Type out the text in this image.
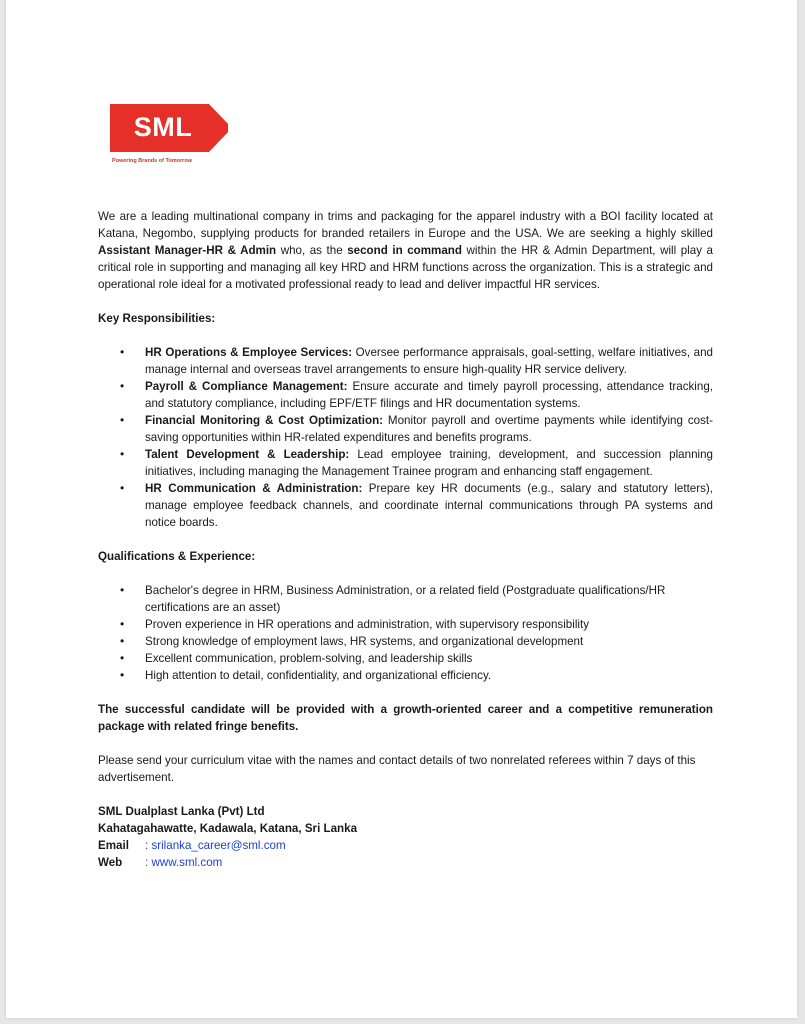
SML
Powering Brands of Tomorrow

We are a leading multinational company in trims and packaging for the apparel industry with a BOI facility located at Katana, Negombo, supplying products for branded retailers in Europe and the USA. We are seeking a highly skilled Assistant Manager-HR & Admin who, as the second in command within the HR & Admin Department, will play a critical role in supporting and managing all key HRD and HRM functions across the organization. This is a strategic and operational role ideal for a motivated professional ready to lead and deliver impactful HR services.

Key Responsibilities:

• HR Operations & Employee Services: Oversee performance appraisals, goal-setting, welfare initiatives, and manage internal and overseas travel arrangements to ensure high-quality HR service delivery.
• Payroll & Compliance Management: Ensure accurate and timely payroll processing, attendance tracking, and statutory compliance, including EPF/ETF filings and HR documentation systems.
• Financial Monitoring & Cost Optimization: Monitor payroll and overtime payments while identifying cost-saving opportunities within HR-related expenditures and benefits programs.
• Talent Development & Leadership: Lead employee training, development, and succession planning initiatives, including managing the Management Trainee program and enhancing staff engagement.
• HR Communication & Administration: Prepare key HR documents (e.g., salary and statutory letters), manage employee feedback channels, and coordinate internal communications through PA systems and notice boards.

Qualifications & Experience:

• Bachelor's degree in HRM, Business Administration, or a related field (Postgraduate qualifications/HR certifications are an asset)
• Proven experience in HR operations and administration, with supervisory responsibility
• Strong knowledge of employment laws, HR systems, and organizational development
• Excellent communication, problem-solving, and leadership skills
• High attention to detail, confidentiality, and organizational efficiency.

The successful candidate will be provided with a growth-oriented career and a competitive remuneration package with related fringe benefits.

Please send your curriculum vitae with the names and contact details of two nonrelated referees within 7 days of this advertisement.

SML Dualplast Lanka (Pvt) Ltd

Kahatagahawatte, Kadawala, Katana, Sri Lanka

Email	: srilanka_career@sml.com
Web	: www.sml.com
